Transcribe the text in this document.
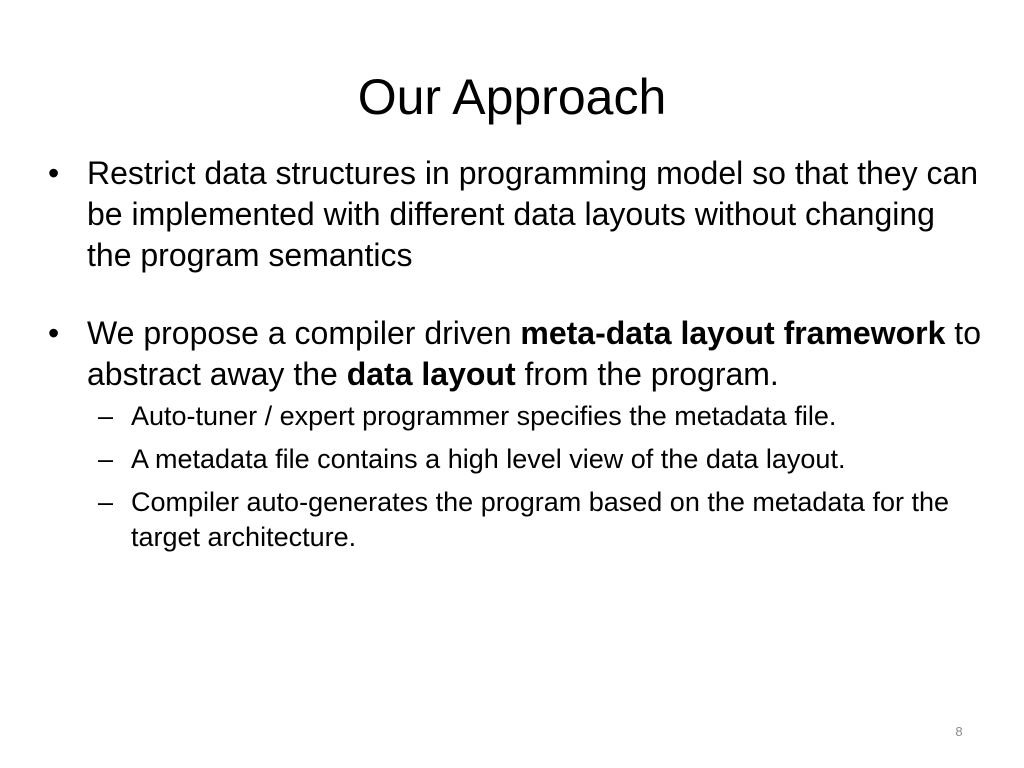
Our Approach
• Restrict data structures in programming model so that they can be implemented with different data layouts without changing the program semantics
• We propose a compiler driven meta-data layout framework to abstract away the data layout from the program.
– Auto-tuner / expert programmer specifies the metadata file.
– A metadata file contains a high level view of the data layout.
– Compiler auto-generates the program based on the metadata for the target architecture.
8
